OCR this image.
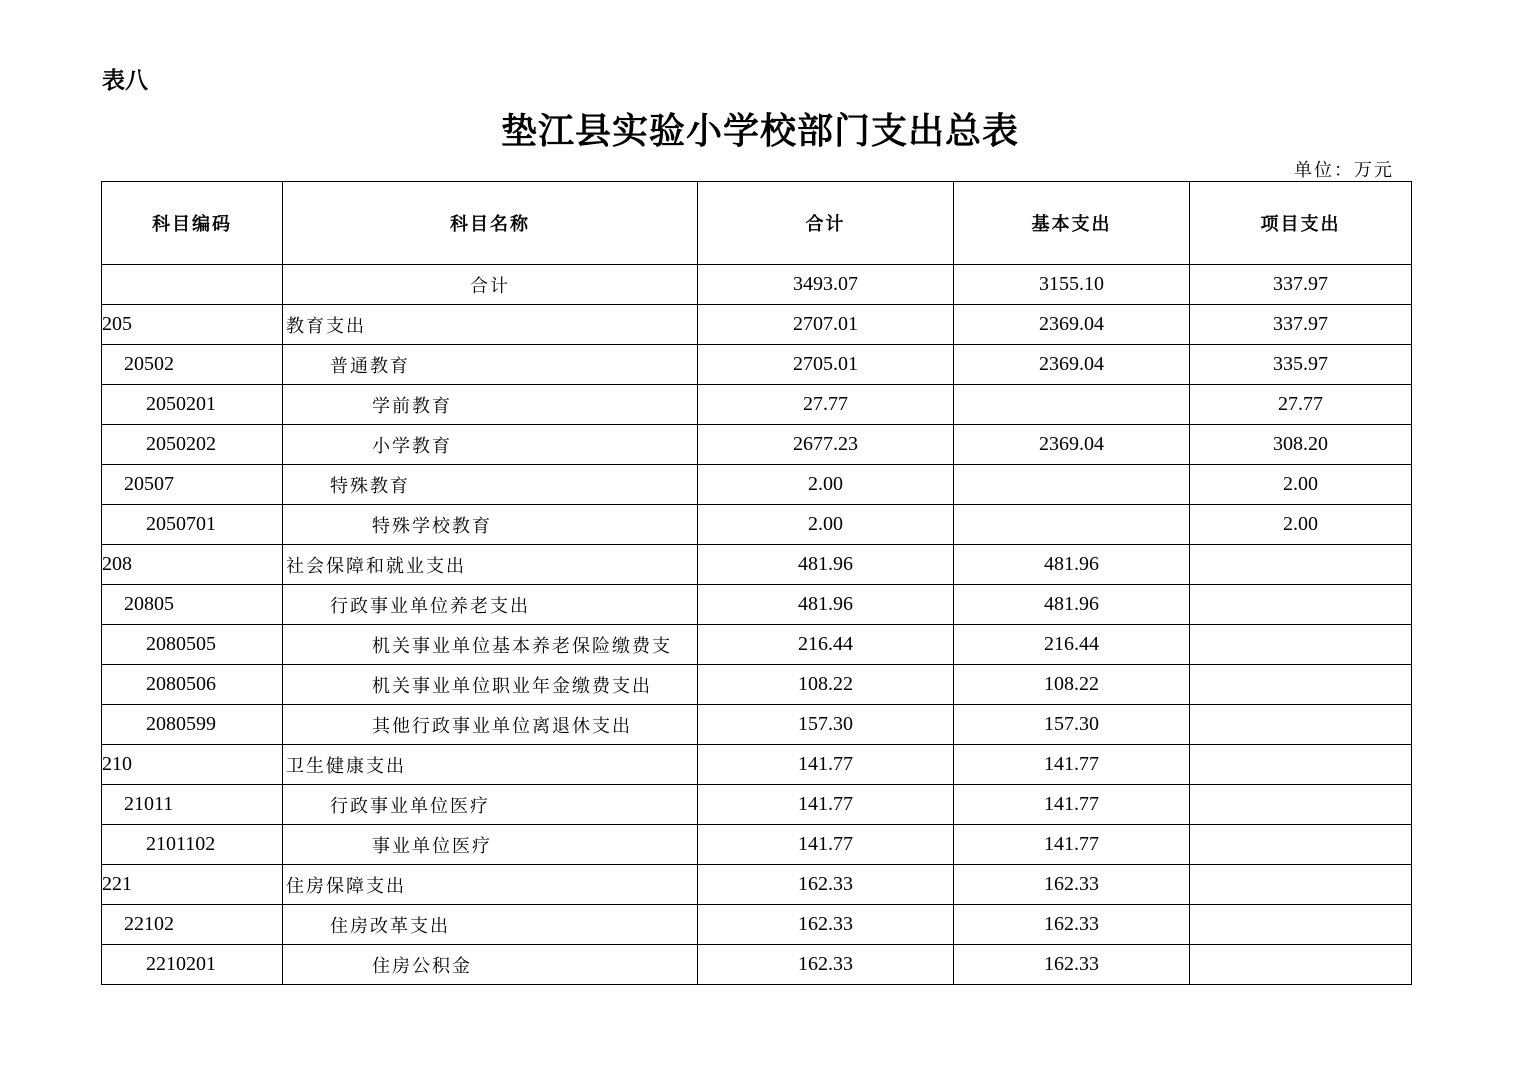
表八
垫江县实验小学校部门支出总表
单位：万元
科目编码	科目名称	合计	基本支出	项目支出
	合计	3493.07	3155.10	337.97
205	教育支出	2707.01	2369.04	337.97
20502	普通教育	2705.01	2369.04	335.97
2050201	学前教育	27.77		27.77
2050202	小学教育	2677.23	2369.04	308.20
20507	特殊教育	2.00		2.00
2050701	特殊学校教育	2.00		2.00
208	社会保障和就业支出	481.96	481.96	
20805	行政事业单位养老支出	481.96	481.96	
2080505	机关事业单位基本养老保险缴费支	216.44	216.44	
2080506	机关事业单位职业年金缴费支出	108.22	108.22	
2080599	其他行政事业单位离退休支出	157.30	157.30	
210	卫生健康支出	141.77	141.77	
21011	行政事业单位医疗	141.77	141.77	
2101102	事业单位医疗	141.77	141.77	
221	住房保障支出	162.33	162.33	
22102	住房改革支出	162.33	162.33	
2210201	住房公积金	162.33	162.33	
